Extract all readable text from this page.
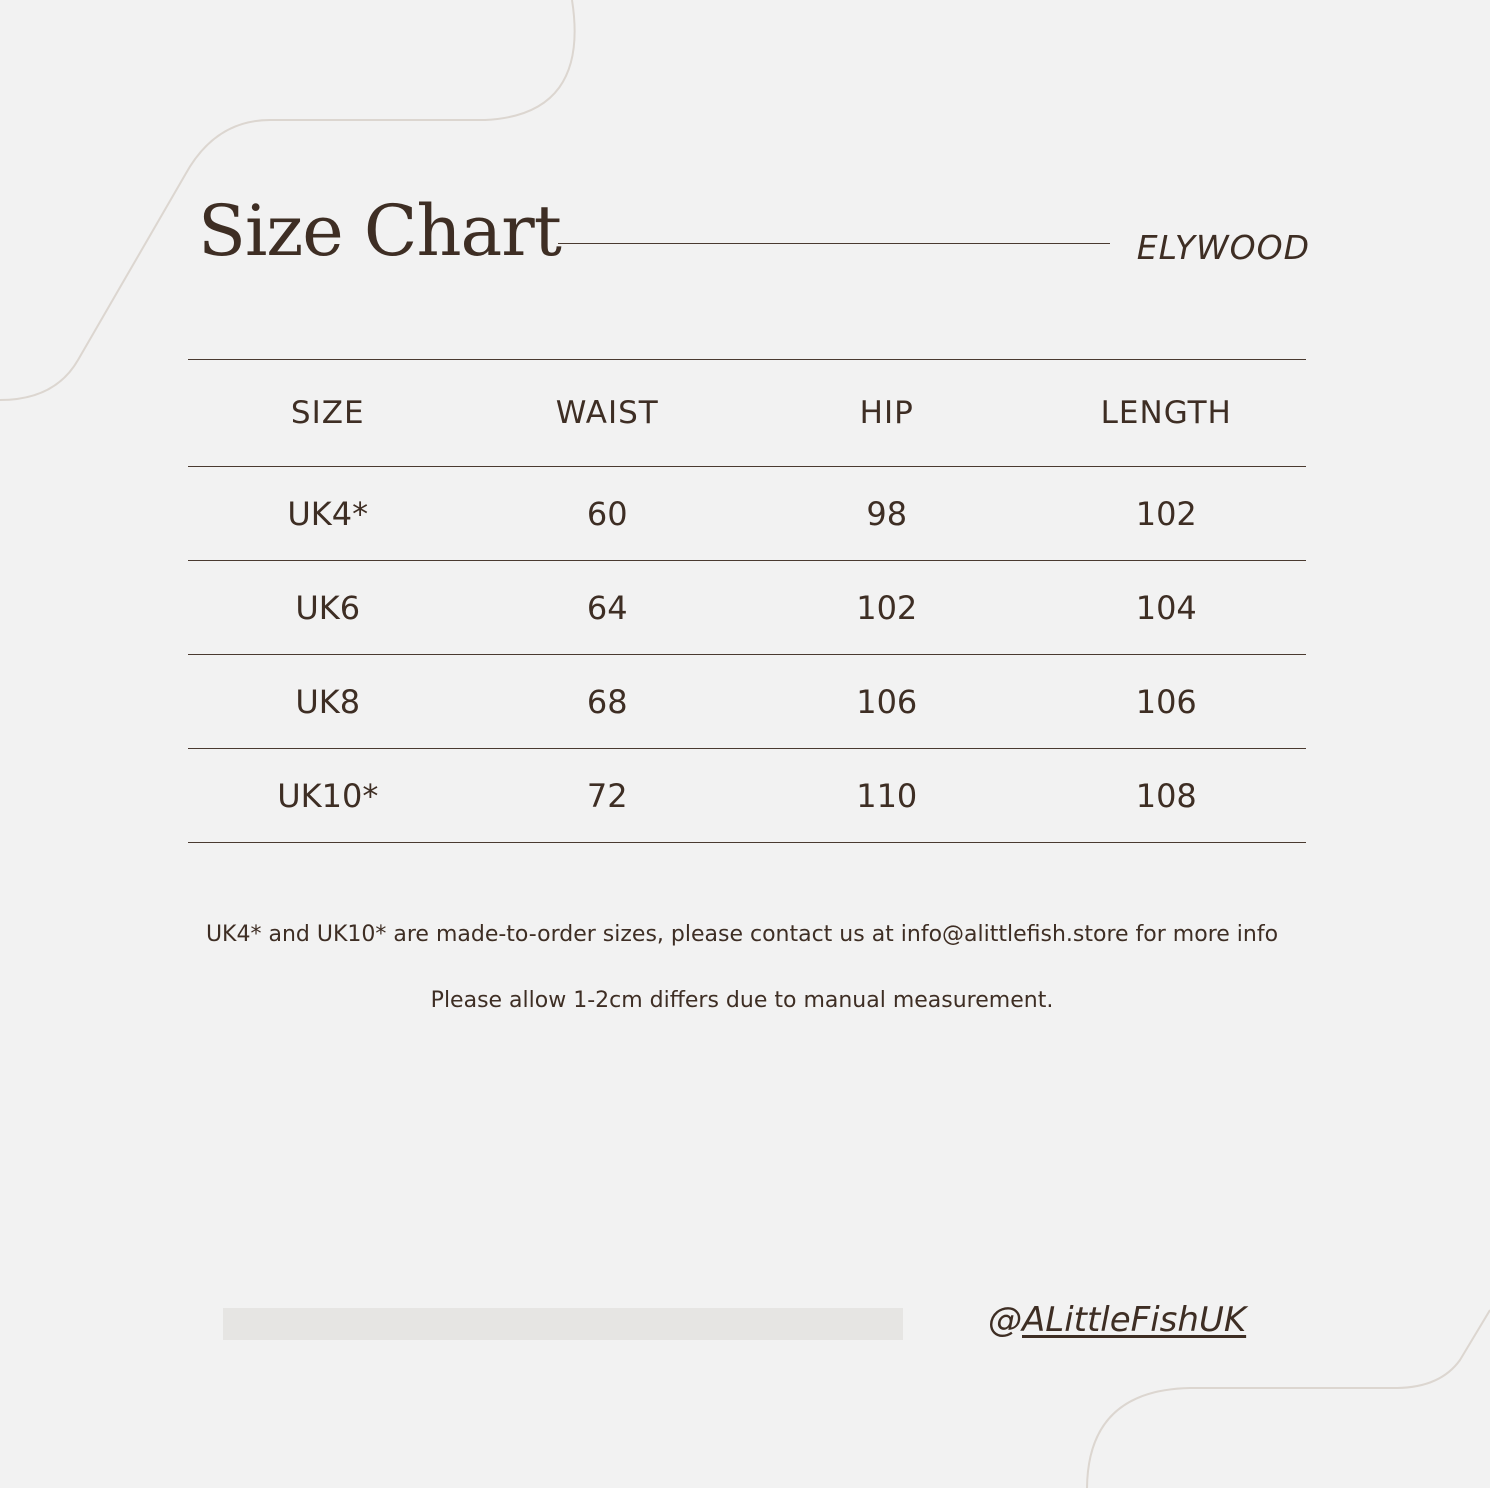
Size Chart	ELYWOOD
SIZE	WAIST	HIP	LENGTH
UK4*	60	98	102
UK6	64	102	104
UK8	68	106	106
UK10*	72	110	108

UK4* and UK10* are made-to-order sizes, please contact us at info@alittlefish.store for more info

Please allow 1-2cm differs due to manual measurement.

@ALittleFishUK
